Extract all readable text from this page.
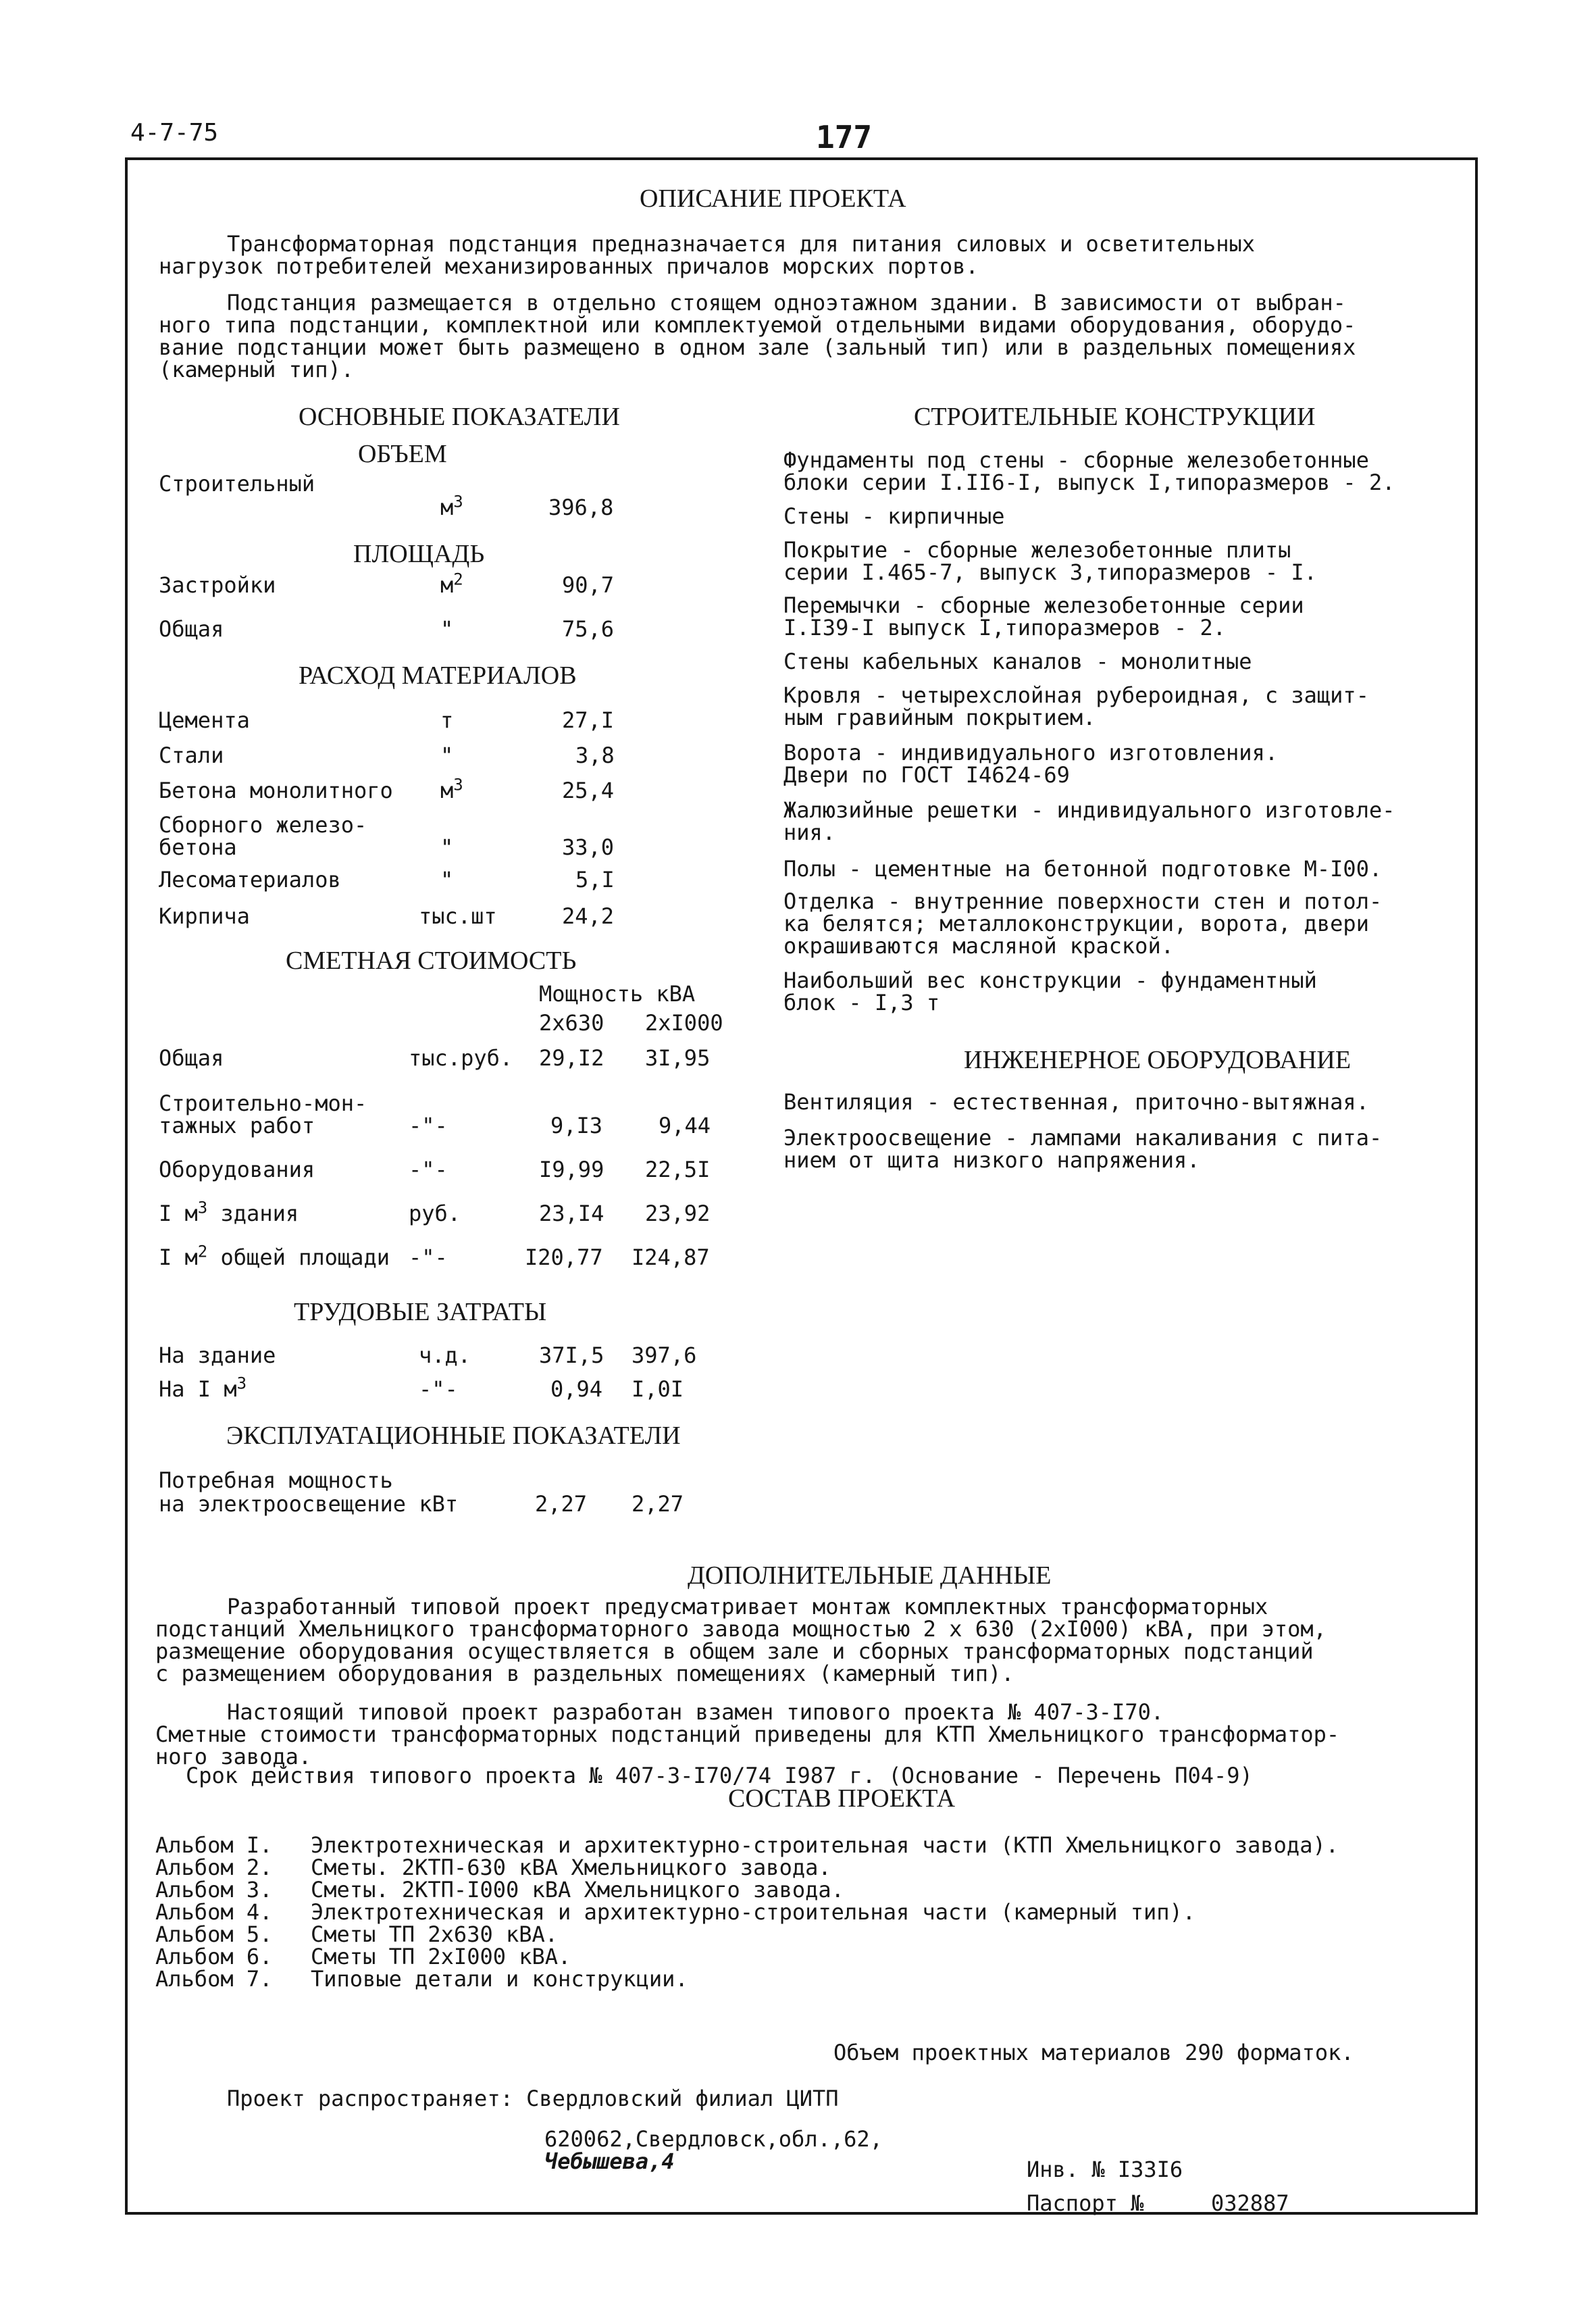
4-7-75	177
ОПИСАНИЕ ПРОЕКТА
Трансформаторная подстанция предназначается для питания силовых и осветительных
нагрузок потребителей механизированных причалов морских портов.
Подстанция размещается в отдельно стоящем одноэтажном здании. В зависимости от выбран-
ного типа подстанции, комплектной или комплектуемой отдельными видами оборудования, оборудо-
вание подстанции может быть размещено в одном зале (зальный тип) или в раздельных помещениях
(камерный тип).
ОСНОВНЫЕ ПОКАЗАТЕЛИ
ОБЪЕМ
Строительный
$м^3$	396,8
ПЛОЩАДЬ
Застройки	$м^2$	90,7
Общая	"	75,6
РАСХОД МАТЕРИАЛОВ
Цемента	т	27,I
Стали	"	3,8
Бетона монолитного $м^3$	25,4
Сборного железо-
бетона	"	33,0
Лесоматериалов	"	5,I
Кирпича	тыс.шт	24,2
СМЕТНАЯ СТОИМОСТЬ
Мощность кВА
2x630 2xI000
Общая	тыс.руб. 29,I2 3I,95
Строительно-мон-
тажных работ	-"-	9,I3	9,44
Оборудования	-"-	I9,99 22,5I
I $м^3$ здания	руб.	23,I4 23,92
I $м^2$ общей площади -"-	I20,77 I24,87
ТРУДОВЫЕ ЗАТРАТЫ
На здание	ч.д.	37I,5 397,6
На I $м^3$	-"-	0,94 I,0I
ЭКСПЛУАТАЦИОННЫЕ ПОКАЗАТЕЛИ
Потребная мощность
на электроосвещение кВт	2,27 2,27
СТРОИТЕЛЬНЫЕ КОНСТРУКЦИИ
Фундаменты под стены - сборные железобетонные
блоки серии I.II6-I, выпуск I,типоразмеров - 2.
Стены - кирпичные
Покрытие - сборные железобетонные плиты
серии I.465-7, выпуск 3,типоразмеров - I.
Перемычки - сборные железобетонные серии
I.I39-I выпуск I,типоразмеров - 2.
Стены кабельных каналов - монолитные
Кровля - четырехслойная рубероидная, с защит-
ным гравийным покрытием.
Ворота - индивидуального изготовления.
Двери по ГОСТ I4624-69
Жалюзийные решетки - индивидуального изготовле-
ния.
Полы - цементные на бетонной подготовке М-I00.
Отделка - внутренние поверхности стен и потол-
ка белятся; металлоконструкции, ворота, двери
окрашиваются масляной краской.
Наибольший вес конструкции - фундаментный
блок - I,3 т
ИНЖЕНЕРНОЕ ОБОРУДОВАНИЕ
Вентиляция - естественная, приточно-вытяжная.
Электроосвещение - лампами накаливания с пита-
нием от щита низкого напряжения.
ДОПОЛНИТЕЛЬНЫЕ ДАННЫЕ
Разработанный типовой проект предусматривает монтаж комплектных трансформаторных
подстанций Хмельницкого трансформаторного завода мощностью 2 x 630 (2xI000) кВА, при этом,
размещение оборудования осуществляется в общем зале и сборных трансформаторных подстанций
с размещением оборудования в раздельных помещениях (камерный тип).
Настоящий типовой проект разработан взамен типового проекта № 407-3-I70.
Сметные стоимости трансформаторных подстанций приведены для КТП Хмельницкого трансформатор-
ного завода.
Срок действия типового проекта № 407-3-I70/74 I987 г. (Основание - Перечень П04-9)
СОСТАВ ПРОЕКТА
Альбом I. Электротехническая и архитектурно-строительная части (КТП Хмельницкого завода).
Альбом 2. Сметы. 2КТП-630 кВА Хмельницкого завода.
Альбом 3. Сметы. 2КТП-I000 кВА Хмельницкого завода.
Альбом 4. Электротехническая и архитектурно-строительная части (камерный тип).
Альбом 5. Сметы ТП 2x630 кВА.
Альбом 6. Сметы ТП 2xI000 кВА.
Альбом 7. Типовые детали и конструкции.
Объем проектных материалов 290 форматок.
Проект распространяет: Свердловский филиал ЦИТП
620062,Свердловск,обл.,62,
Чебышева,4	Инв. № I33I6
Паспорт №	032887
